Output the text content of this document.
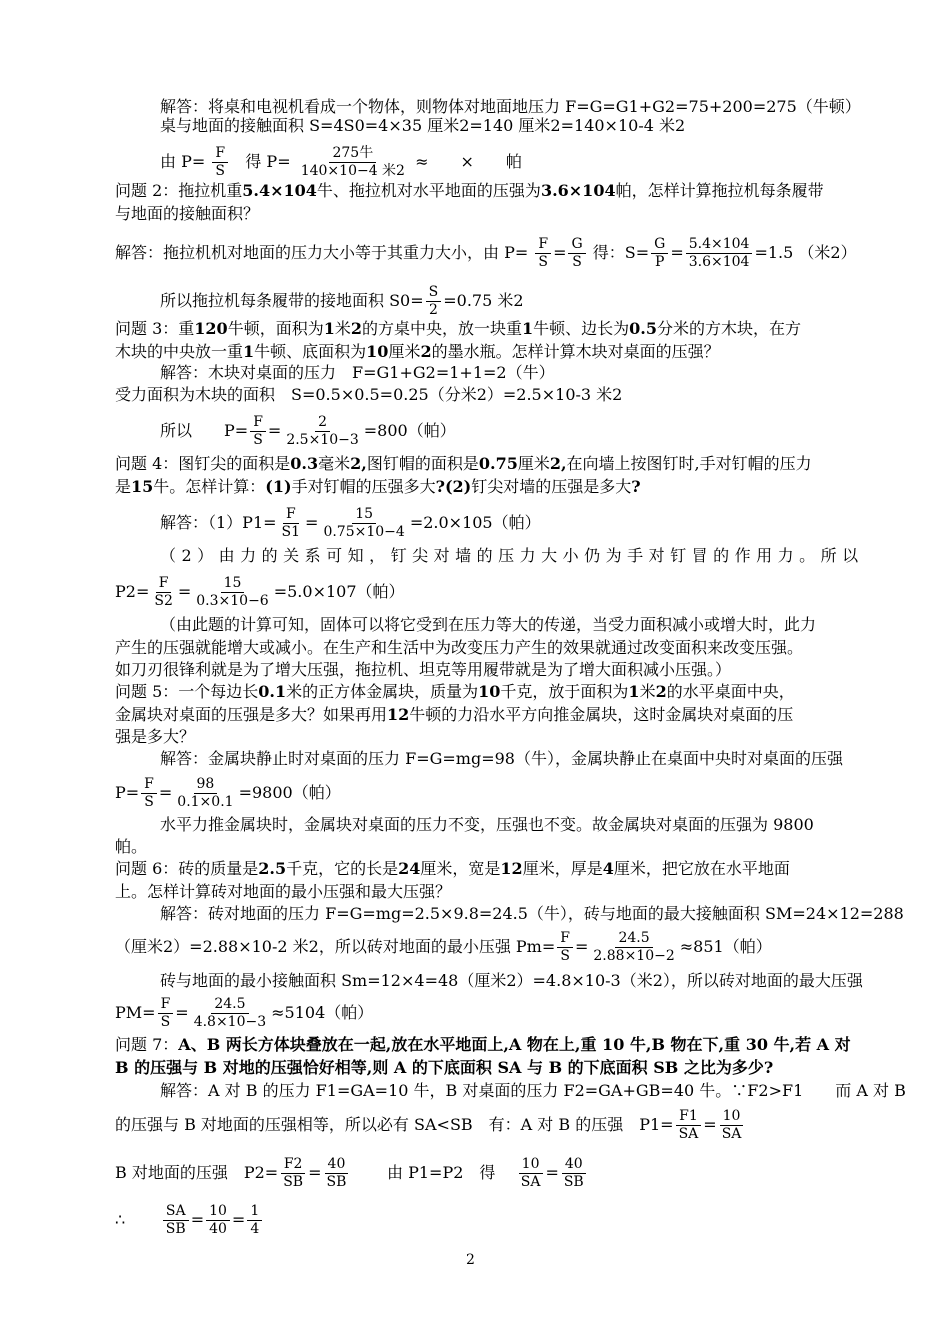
解答：将桌和电视机看成一个物体，则物体对地面地压力 F=G=G1+G2=75+200=275（牛顿）
桌与地面的接触面积 S=4S0=4×35 厘米2=140 厘米2=140×10-4 米2
由 $P= \frac{F}{S}$ 得 $P= \frac{\text{275牛}}{\text{140×10−4 米2}}$ ≈　　×　　帕
问题 2：拖拉机重5.4×104牛、拖拉机对水平地面的压强为3.6×104帕，怎样计算拖拉机每条履带
与地面的接触面积？
解答：拖拉机机对地面的压力大小等于其重力大小，由 $P= \frac{F}{S} = \frac{G}{S}$ 得：$S= \frac{G}{P} = \frac{5.4\times 104}{3.6\times 104} =1.5$ （米2）
所以拖拉机每条履带的接地面积 $S0= \frac{S}{2} =0.75$ 米2
问题 3：重120牛顿，面积为1米2的方桌中央，放一块重1牛顿、边长为0.5分米的方木块，在方
木块的中央放一重1牛顿、底面积为10厘米2的墨水瓶。怎样计算木块对桌面的压强？
解答：木块对桌面的压力　F=G1+G2=1+1=2（牛）
受力面积为木块的面积　S=0.5×0.5=0.25（分米2）=2.5×10-3 米2
所以　　$P= \frac{F}{S} = \frac{2}{2.5\times 10-3} =800$（帕）
问题 4：图钉尖的面积是0.3毫米2,图钉帽的面积是0.75厘米2,在向墙上按图钉时,手对钉帽的压力
是15牛。怎样计算：(1)手对钉帽的压强多大?(2)钉尖对墙的压强是多大?
解答：$(1)P1= \frac{F}{S1} = \frac{15}{0.75\times 10-4} =2.0\times 105$（帕）
（2）由力的关系可知，钉尖对墙的压力大小仍为手对钉冒的作用力。所以
$P2= \frac{F}{S2} = \frac{15}{0.3\times 10-6} =5.0\times 107$（帕）
（由此题的计算可知，固体可以将它受到在压力等大的传递，当受力面积减小或增大时，此力
产生的压强就能增大或减小。在生产和生活中为改变压力产生的效果就通过改变面积来改变压强。
如刀刃很锋利就是为了增大压强，拖拉机、坦克等用履带就是为了增大面积减小压强。）
问题 5：一个每边长0.1米的正方体金属块，质量为10千克，放于面积为1米2的水平桌面中央，
金属块对桌面的压强是多大？如果再用12牛顿的力沿水平方向推金属块，这时金属块对桌面的压
强是多大？
解答：金属块静止时对桌面的压力 F=G=mg=98（牛），金属块静止在桌面中央时对桌面的压强
$P= \frac{F}{S} = \frac{98}{0.1\times 0.1} =9800$（帕）
水平力推金属块时，金属块对桌面的压力不变，压强也不变。故金属块对桌面的压强为 9800
帕。
问题 6：砖的质量是2.5千克，它的长是24厘米，宽是12厘米，厚是4厘米，把它放在水平地面
上。怎样计算砖对地面的最小压强和最大压强？
解答：砖对地面的压力 F=G=mg=2.5×9.8=24.5（牛），砖与地面的最大接触面积 SM=24×12=288
（厘米2）=2.88×10-2 米2，所以砖对地面的最小压强 $Pm= \frac{F}{S} = \frac{24.5}{2.88\times 10-2} \approx 851$（帕）
砖与地面的最小接触面积 Sm=12×4=48（厘米2）=4.8×10-3（米2），所以砖对地面的最大压强
$PM= \frac{F}{S} = \frac{24.5}{4.8\times 10-3} \approx 5104$（帕）
问题 7：A、B 两长方体块叠放在一起,放在水平地面上,A 物在上,重 10 牛,B 物在下,重 30 牛,若 A 对
B 的压强与 B 对地的压强恰好相等,则 A 的下底面积 SA 与 B 的下底面积 SB 之比为多少?
解答：A 对 B 的压力 F1=GA=10 牛，B 对桌面的压力 F2=GA+GB=40 牛。∵F2>F1　　而 A 对 B
的压强与 B 对地面的压强相等，所以必有 SA<SB　有：A 对 B 的压强　$P1= \frac{F1}{SA} = \frac{10}{SA}$
B 对地面的压强　$P2= \frac{F2}{SB} = \frac{40}{SB}$ 由 P1=P2　得 $\frac{10}{SA} = \frac{40}{SB}$
∴	$\frac{SA}{SB} = \frac{10}{40} = \frac{1}{4}$
2
